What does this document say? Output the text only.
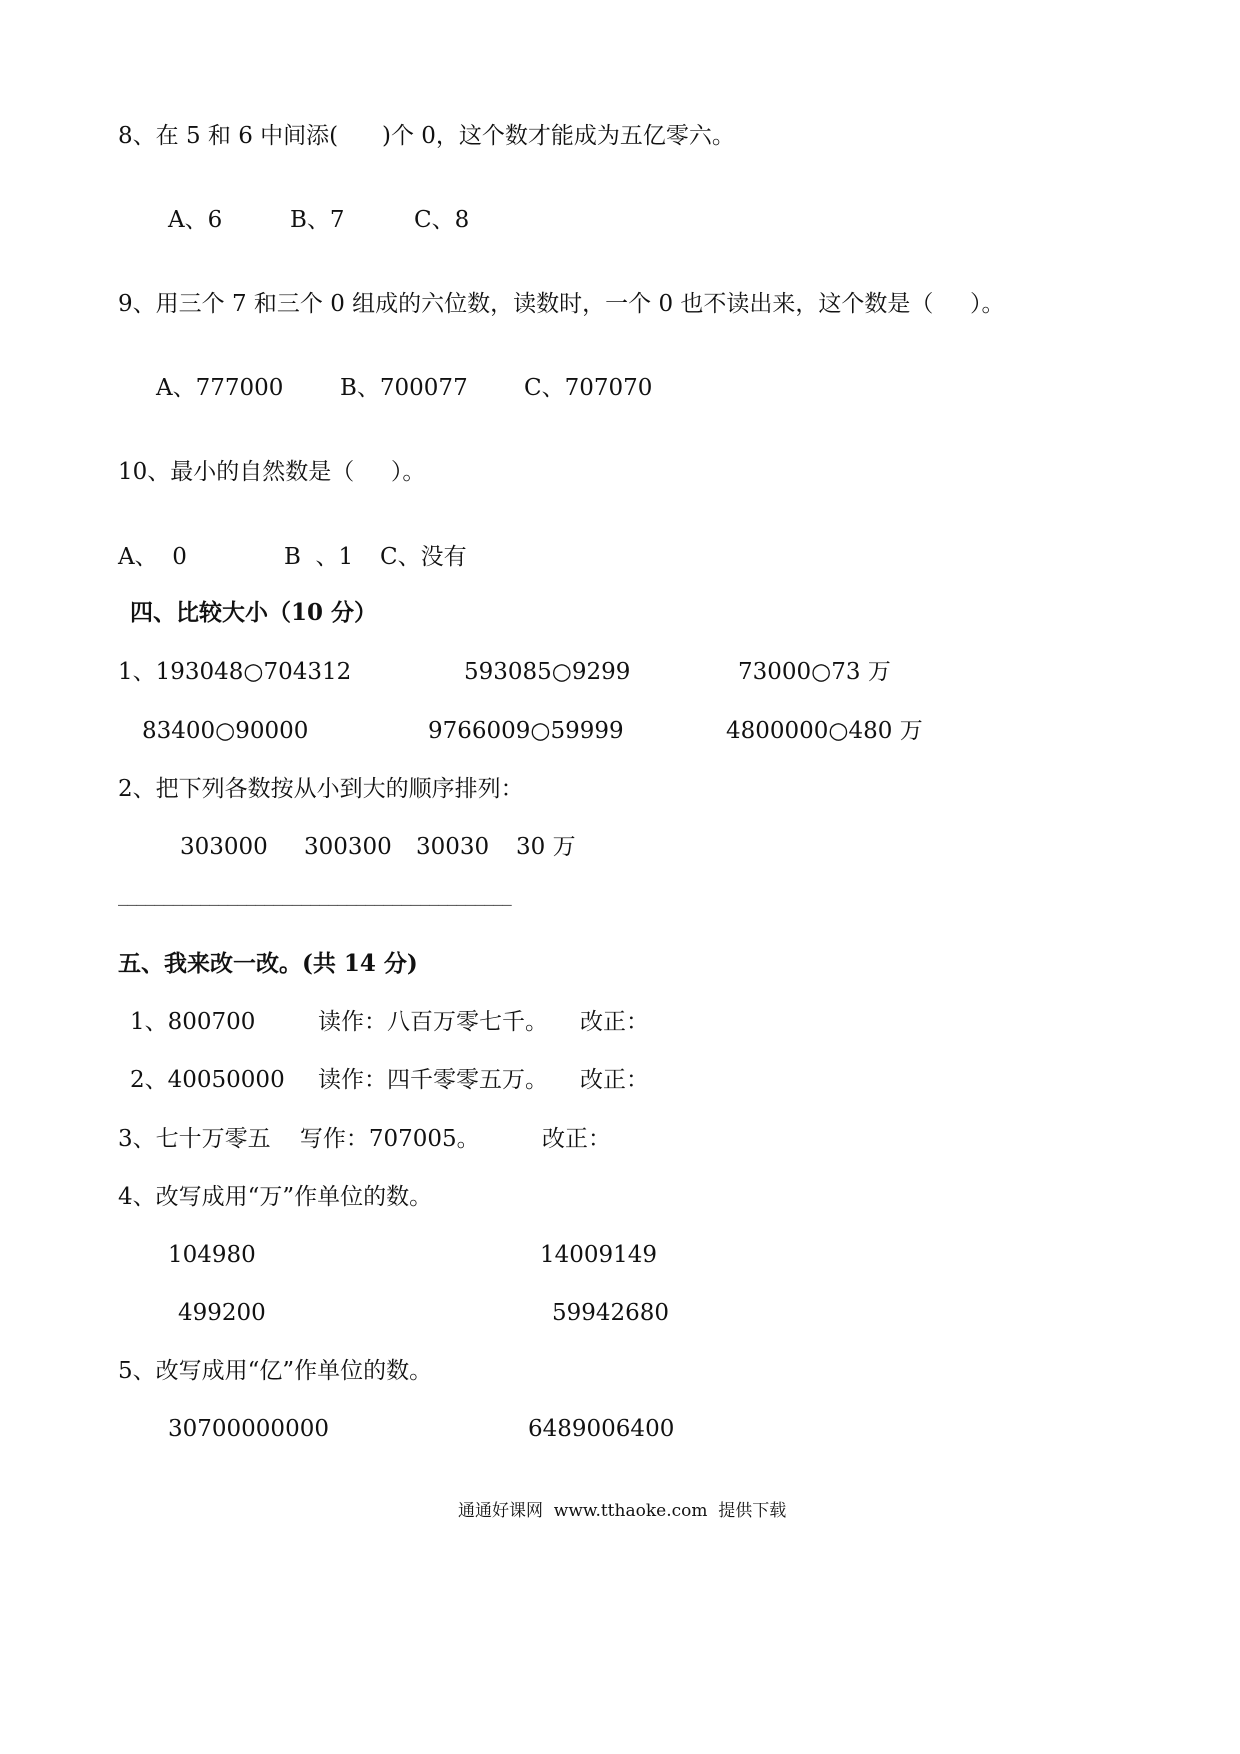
8、在 5 和 6 中间添(      )个 0，这个数才能成为五亿零六。
A、6	B、7	C、8
9、用三个 7 和三个 0 组成的六位数，读数时，一个 0 也不读出来，这个数是（     ）。
A、777000 B、700077 C、707070
10、最小的自然数是（     ）。
A、  0	B  、1 C、没有
四、比较大小（10 分）
1、193048○704312	593085○9299	73000○73 万
83400○90000	9766009○59999	4800000○480 万
2、把下列各数按从小到大的顺序排列：
303000 300300 30030 30 万
___________________________________________
五、我来改一改。(共 14 分)
1、800700	读作：八百万零七千。 改正：
2、40050000 读作：四千零零五万。 改正：
3、七十万零五    写作：707005。	改正：
4、改写成用“万”作单位的数。
104980	14009149
499200	59942680
5、改写成用“亿”作单位的数。
30700000000	6489006400
通通好课网  www.tthaoke.com  提供下载
